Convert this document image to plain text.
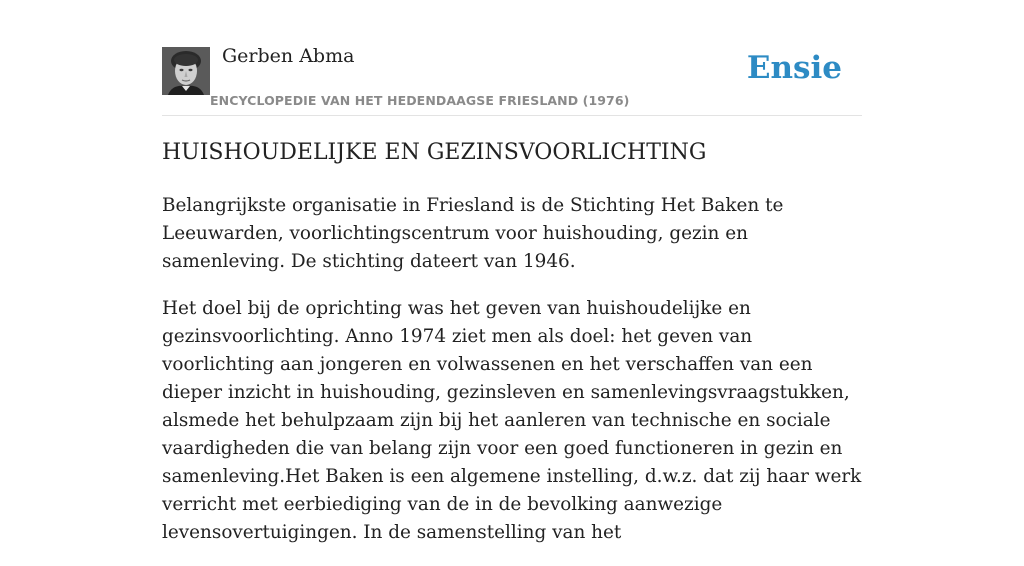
Gerben Abma
ENCYCLOPEDIE VAN HET HEDENDAAGSE FRIESLAND (1976)
Ensie
HUISHOUDELIJKE EN GEZINSVOORLICHTING

Belangrijkste organisatie in Friesland is de Stichting Het Baken te Leeuwarden, voorlichtingscentrum voor huishouding, gezin en samenleving. De stichting dateert van 1946.

Het doel bij de oprichting was het geven van huishoudelijke en gezinsvoorlichting. Anno 1974 ziet men als doel: het geven van voorlichting aan jongeren en volwassenen en het verschaffen van een dieper inzicht in huishouding, gezinsleven en samenlevingsvraagstukken, alsmede het behulpzaam zijn bij het aanleren van technische en sociale vaardigheden die van belang zijn voor een goed functioneren in gezin en samenleving.Het Baken is een algemene instelling, d.w.z. dat zij haar werk verricht met eerbiediging van de in de bevolking aanwezige levensovertuigingen. In de samenstelling van het
